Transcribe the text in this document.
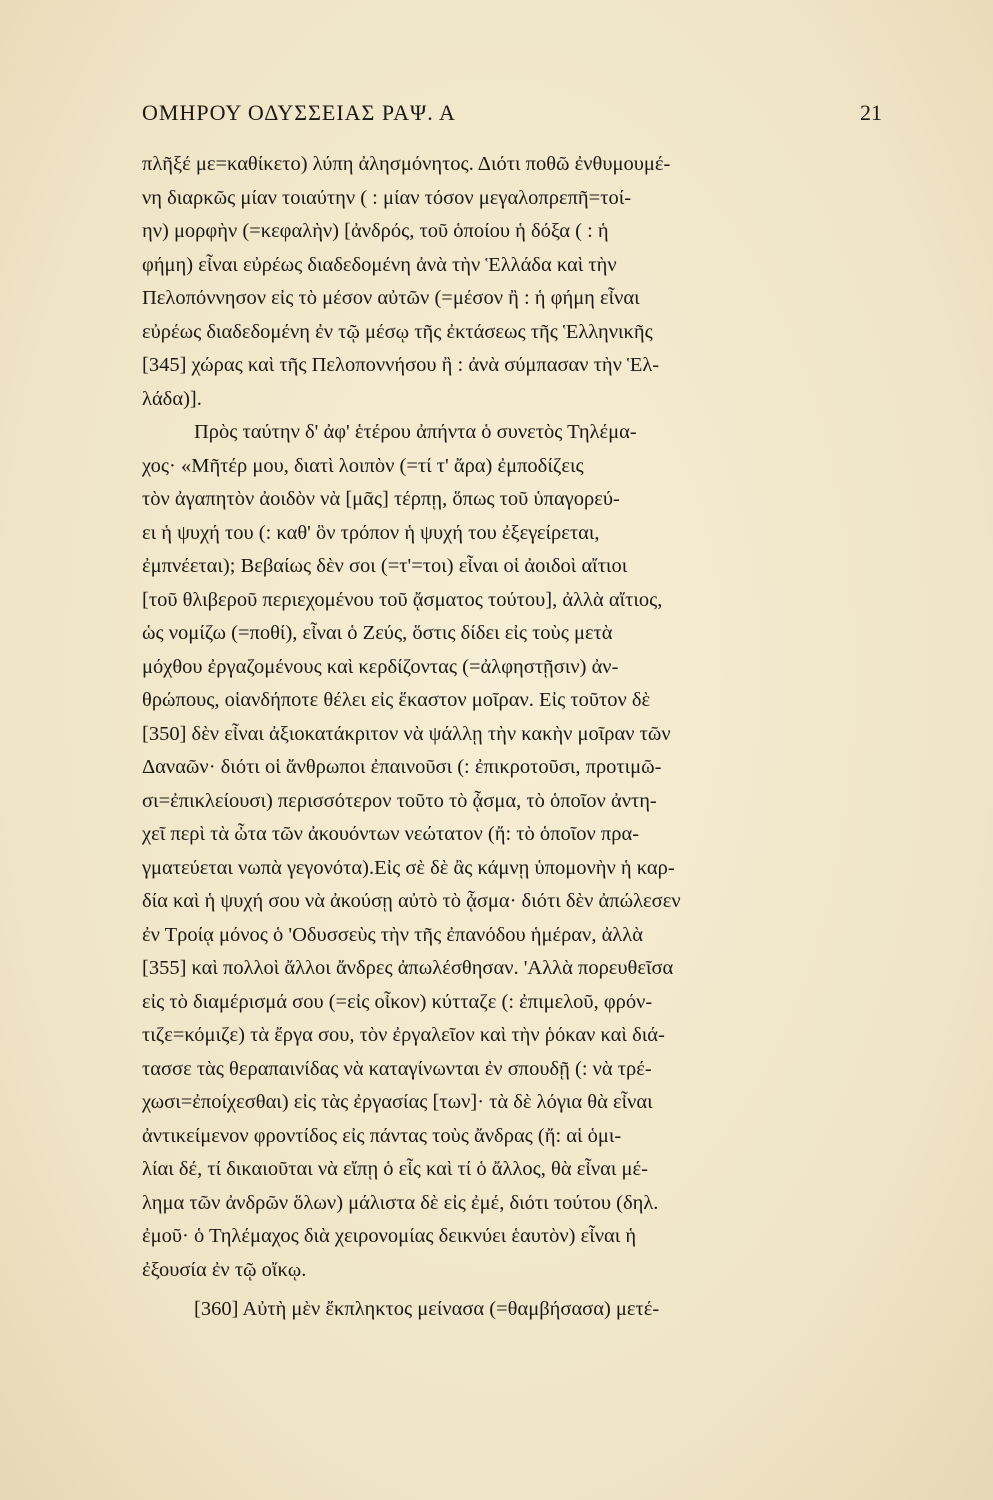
ΟΜΗΡΟΥ ΟΔΥΣΣΕΙΑΣ ΡΑΨ. Α	21
πλῆξέ με=καθίκετο) λύπη ἀλησμόνητος. Διότι ποθῶ ἐνθυμουμέ-
νη διαρκῶς μίαν τοιαύτην ( : μίαν τόσον μεγαλοπρεπῆ=τοί-
ην) μορφὴν (=κεφαλὴν) [ἀνδρός, τοῦ ὁποίου ἡ δόξα ( : ἡ
φήμη) εἶναι εὐρέως διαδεδομένη ἀνὰ τὴν Ἑλλάδα καὶ τὴν
Πελοπόννησον εἰς τὸ μέσον αὐτῶν (=μέσον ἢ : ἡ φήμη εἶναι
εὐρέως διαδεδομένη ἐν τῷ μέσῳ τῆς ἐκτάσεως τῆς Ἑλληνικῆς
[345] χώρας καὶ τῆς Πελοποννήσου ἢ : ἀνὰ σύμπασαν τὴν Ἑλ-
λάδα)].
Πρὸς ταύτην δ' ἀφ' ἑτέρου ἀπήντα ὁ συνετὸς Τηλέμα-
χος· «Μῆτέρ μου, διατὶ λοιπὸν (=τί τ' ἄρα) ἐμποδίζεις
τὸν ἀγαπητὸν ἀοιδὸν νὰ [μᾶς] τέρπῃ, ὅπως τοῦ ὑπαγορεύ-
ει ἡ ψυχή του (: καθ' ὃν τρόπον ἡ ψυχή του ἐξεγείρεται,
ἐμπνέεται); Βεβαίως δὲν σοι (=τ'=τοι) εἶναι οἱ ἀοιδοὶ αἴτιοι
[τοῦ θλιβεροῦ περιεχομένου τοῦ ᾄσματος τούτου], ἀλλὰ αἴτιος,
ὡς νομίζω (=ποθί), εἶναι ὁ Ζεύς, ὅστις δίδει εἰς τοὺς μετὰ
μόχθου ἐργαζομένους καὶ κερδίζοντας (=ἀλφηστῇσιν) ἀν-
θρώπους, οἱανδήποτε θέλει εἰς ἕκαστον μοῖραν. Εἰς τοῦτον δὲ
[350] δὲν εἶναι ἀξιοκατάκριτον νὰ ψάλλῃ τὴν κακὴν μοῖραν τῶν
Δαναῶν· διότι οἱ ἄνθρωποι ἐπαινοῦσι (: ἐπικροτοῦσι, προτιμῶ-
σι=ἐπικλείουσι) περισσότερον τοῦτο τὸ ᾆσμα, τὸ ὁποῖον ἀντη-
χεῖ περὶ τὰ ὦτα τῶν ἀκουόντων νεώτατον (ἤ: τὸ ὁποῖον πρα-
γματεύεται νωπὰ γεγονότα).Εἰς σὲ δὲ ἂς κάμνῃ ὑπομονὴν ἡ καρ-
δία καὶ ἡ ψυχή σου νὰ ἀκούσῃ αὐτὸ τὸ ᾆσμα· διότι δὲν ἀπώλεσεν
ἐν Τροίᾳ μόνος ὁ 'Οδυσσεὺς τὴν τῆς ἐπανόδου ἡμέραν, ἀλλὰ
[355] καὶ πολλοὶ ἄλλοι ἄνδρες ἀπωλέσθησαν. 'Αλλὰ πορευθεῖσα
εἰς τὸ διαμέρισμά σου (=εἰς οἶκον) κύτταζε (: ἐπιμελοῦ, φρόν-
τιζε=κόμιζε) τὰ ἔργα σου, τὸν ἐργαλεῖον καὶ τὴν ῥόκαν καὶ διά-
τασσε τὰς θεραπαινίδας νὰ καταγίνωνται ἐν σπουδῇ (: νὰ τρέ-
χωσι=ἐποίχεσθαι) εἰς τὰς ἐργασίας [των]· τὰ δὲ λόγια θὰ εἶναι
ἀντικείμενον φροντίδος εἰς πάντας τοὺς ἄνδρας (ἤ: αἱ ὁμι-
λίαι δέ, τί δικαιοῦται νὰ εἴπῃ ὁ εἷς καὶ τί ὁ ἄλλος, θὰ εἶναι μέ-
λημα τῶν ἀνδρῶν ὅλων) μάλιστα δὲ εἰς ἐμέ, διότι τούτου (δηλ.
ἐμοῦ· ὁ Τηλέμαχος διὰ χειρονομίας δεικνύει ἑαυτὸν) εἶναι ἡ
ἐξουσία ἐν τῷ οἴκῳ.
[360] Αὐτὴ μὲν ἔκπληκτος μείνασα (=θαμβήσασα) μετέ-
